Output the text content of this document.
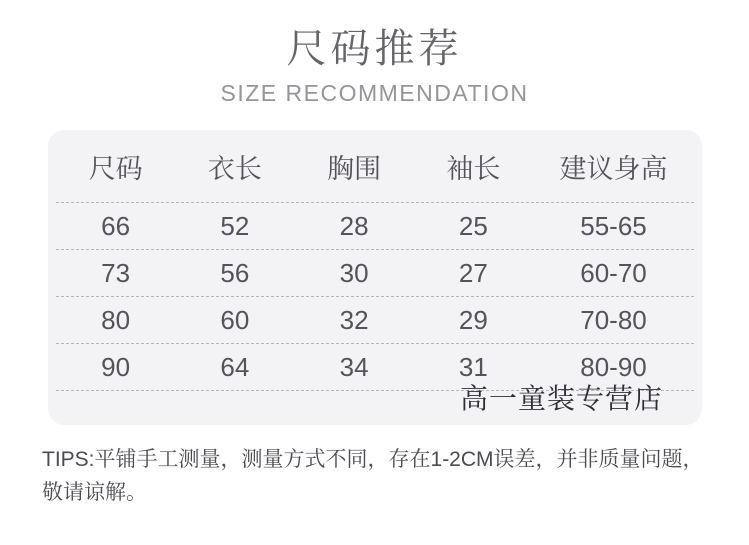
尺码推荐
SIZE RECOMMENDATION
尺码	衣长	胸围	袖长	建议身高
66	52	28	25	55-65
73	56	30	27	60-70
80	60	32	29	70-80
90	64	34	31	80-90
高一童装专营店
TIPS:平铺手工测量，测量方式不同，存在1-2CM误差，并非质量问题，
敬请谅解。
